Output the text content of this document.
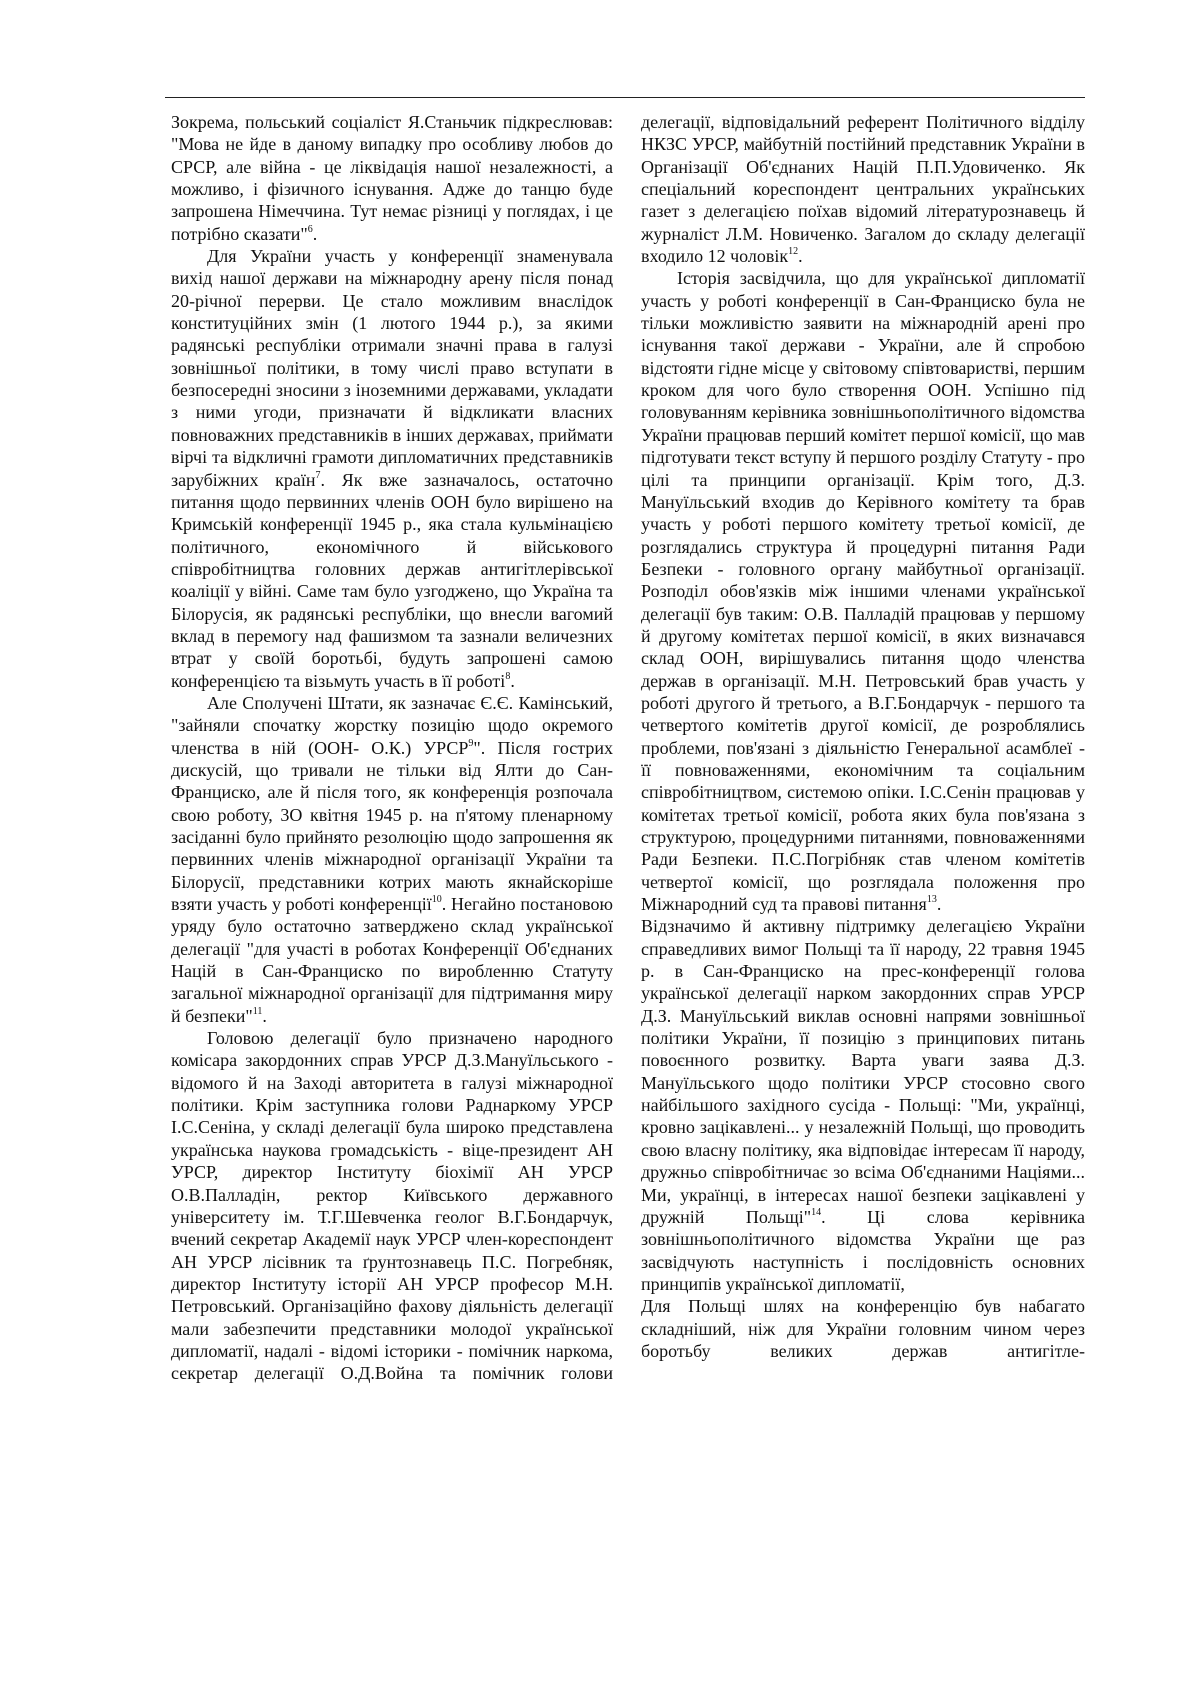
Зокрема, польський соціаліст Я.Станьчик підкреслював: "Мова не йде в даному випадку про особливу любов до СРСР, але війна - це ліквідація нашої незалежності, а можливо, і фізичного існування. Адже до танцю буде запрошена Німеччина. Тут немає різниці у поглядах, і це потрібно сказати"$^6$.

Для України участь у конференції знаменувала вихід нашої держави на міжнародну арену після понад 20-річної перерви. Це стало можливим внаслідок конституційних змін (1 лютого 1944 р.), за якими радянські республіки отримали значні права в галузі зовнішньої політики, в тому числі право вступати в безпосередні зносини з іноземними державами, укладати з ними угоди, призначати й відкликати власних повноважних представників в інших державах, приймати вірчі та відкличні грамоти дипломатичних представників зарубіжних країн$^7$. Як вже зазначалось, остаточно питання щодо первинних членів ООН було вирішено на Кримській конференції 1945 р., яка стала кульмінацією політичного, економічного й військового співробітництва головних держав антигітлерівської коаліції у війні. Саме там було узгоджено, що Україна та Білорусія, як радянські республіки, що внесли вагомий вклад в перемогу над фашизмом та зазнали величезних втрат у своїй боротьбі, будуть запрошені самою конференцією та візьмуть участь в її роботі$^8$.

Але Сполучені Штати, як зазначає Є.Є. Камінський, "зайняли спочатку жорстку позицію щодо окремого членства в ній (ООН- О.К.) УРСР$^9$". Після гострих дискусій, що тривали не тільки від Ялти до Сан-Франциско, але й після того, як конференція розпочала свою роботу, 3О квітня 1945 р. на п'ятому пленарному засіданні було прийнято резолюцію щодо запрошення як первинних членів міжнародної організації України та Білорусії, представники котрих мають якнайскоріше взяти участь у роботі конференції$^{10}$. Негайно постановою уряду було остаточно затверджено склад української делегації "для участі в роботах Конференції Об'єднаних Націй в Сан-Франциско по виробленню Статуту загальної міжнародної організації для підтримання миру й безпеки"$^{11}$.

Головою делегації було призначено народного комісара закордонних справ УРСР Д.З.Мануїльського - відомого й на Заході авторитета в галузі міжнародної політики. Крім заступника голови Раднаркому УРСР І.С.Сеніна, у складі делегації була широко представлена українська наукова громадськість - віце-президент АН УРСР, директор Інституту біохімії АН УРСР О.В.Палладін, ректор Київського державного університету ім. Т.Г.Шевченка геолог В.Г.Бондарчук, вчений секретар Академії наук УРСР член-кореспондент АН УРСР лісівник та ґрунтознавець П.С. Погребняк, директор Інституту історії АН УРСР професор М.Н. Петровський. Організаційно фахову діяльність делегації мали забезпечити представники молодої української дипломатії, надалі - відомі історики - помічник наркома, секретар делегації О.Д.Война та помічник голови

делегації, відповідальний референт Політичного відділу НКЗС УРСР, майбутній постійний представник України в Організації Об'єднаних Націй П.П.Удовиченко. Як спеціальний кореспондент центральних українських газет з делегацією поїхав відомий літературознавець й журналіст Л.М. Новиченко. Загалом до складу делегації входило 12 чоловік$^{12}$.

Історія засвідчила, що для української дипломатії участь у роботі конференції в Сан-Франциско була не тільки можливістю заявити на міжнародній арені про існування такої держави - України, але й спробою відстояти гідне місце у світовому співтоваристві, першим кроком для чого було створення ООН. Успішно під головуванням керівника зовнішньополітичного відомства України працював перший комітет першої комісії, що мав підготувати текст вступу й першого розділу Статуту - про цілі та принципи організації. Крім того, Д.З. Мануїльський входив до Керівного комітету та брав участь у роботі першого комітету третьої комісії, де розглядались структура й процедурні питання Ради Безпеки - головного органу майбутньої організації. Розподіл обов'язків між іншими членами української делегації був таким: О.В. Палладій працював у першому й другому комітетах першої комісії, в яких визначався склад ООН, вирішувались питання щодо членства держав в організації. М.Н. Петровський брав участь у роботі другого й третього, а В.Г.Бондарчук - першого та четвертого комітетів другої комісії, де розроблялись проблеми, пов'язані з діяльністю Генеральної асамблеї - її повноваженнями, економічним та соціальним співробітництвом, системою опіки. І.С.Сенін працював у комітетах третьої комісії, робота яких була пов'язана з структурою, процедурними питаннями, повноваженнями Ради Безпеки. П.С.Погрібняк став членом комітетів четвертої комісії, що розглядала положення про Міжнародний суд та правові питання$^{13}$.

Відзначимо й активну підтримку делегацією України справедливих вимог Польщі та її народу, 22 травня 1945 р. в Сан-Франциско на прес-конференції голова української делегації нарком закордонних справ УРСР Д.З. Мануїльський виклав основні напрями зовнішньої політики України, її позицію з принципових питань повоєнного розвитку. Варта уваги заява Д.З. Мануїльського щодо політики УРСР стосовно свого найбільшого західного сусіда - Польщі: "Ми, українці, кровно зацікавлені... у незалежній Польщі, що проводить свою власну політику, яка відповідає інтересам її народу, дружньо співробітничає зо всіма Об'єднаними Націями... Ми, українці, в інтересах нашої безпеки зацікавлені у дружній Польщі"$^{14}$. Ці слова керівника зовнішньополітичного відомства України ще раз засвідчують наступність і послідовність основних принципів української дипломатії,

Для Польщі шлях на конференцію був набагато складніший, ніж для України головним чином через боротьбу великих держав антигітле-
